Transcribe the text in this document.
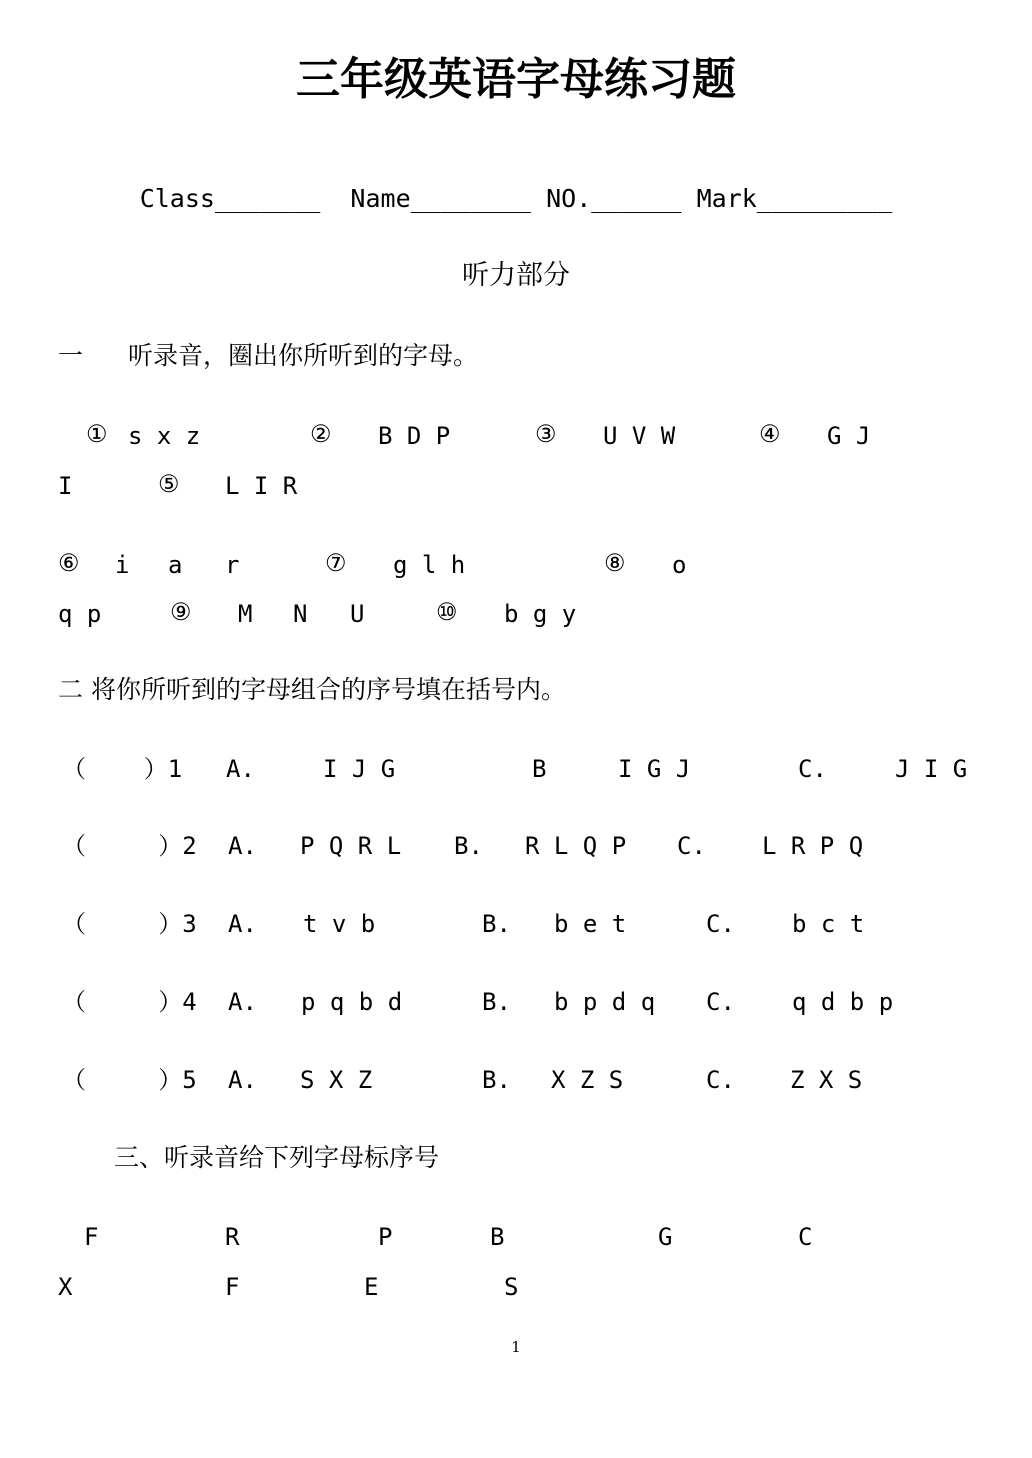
三年级英语字母练习题
Class_______  Name________ NO.______ Mark_________
听力部分
一 听录音，圈出你所听到的字母。
① s x z	② B D P	③ U V W	④ G J
I	⑤ L I R
⑥ i a r	⑦ g l h	⑧ o
q p	⑨ M N U	⑩ b g y
二 将你所听到的字母组合的序号填在括号内。
（    ）1 A.	I J G	B	I G J	C.	J I G
（     ）2 A. P Q R L B. R L Q P C. L R P Q
（     ）3 A. t v b	B. b e t	C. b c t
（     ）4 A. p q b d	B. b p d q C. q d b p
（     ）5 A. S X Z	B. X Z S	C. Z X S
三、听录音给下列字母标序号
F	R	P	B	G	C
X	F	E	S
1
